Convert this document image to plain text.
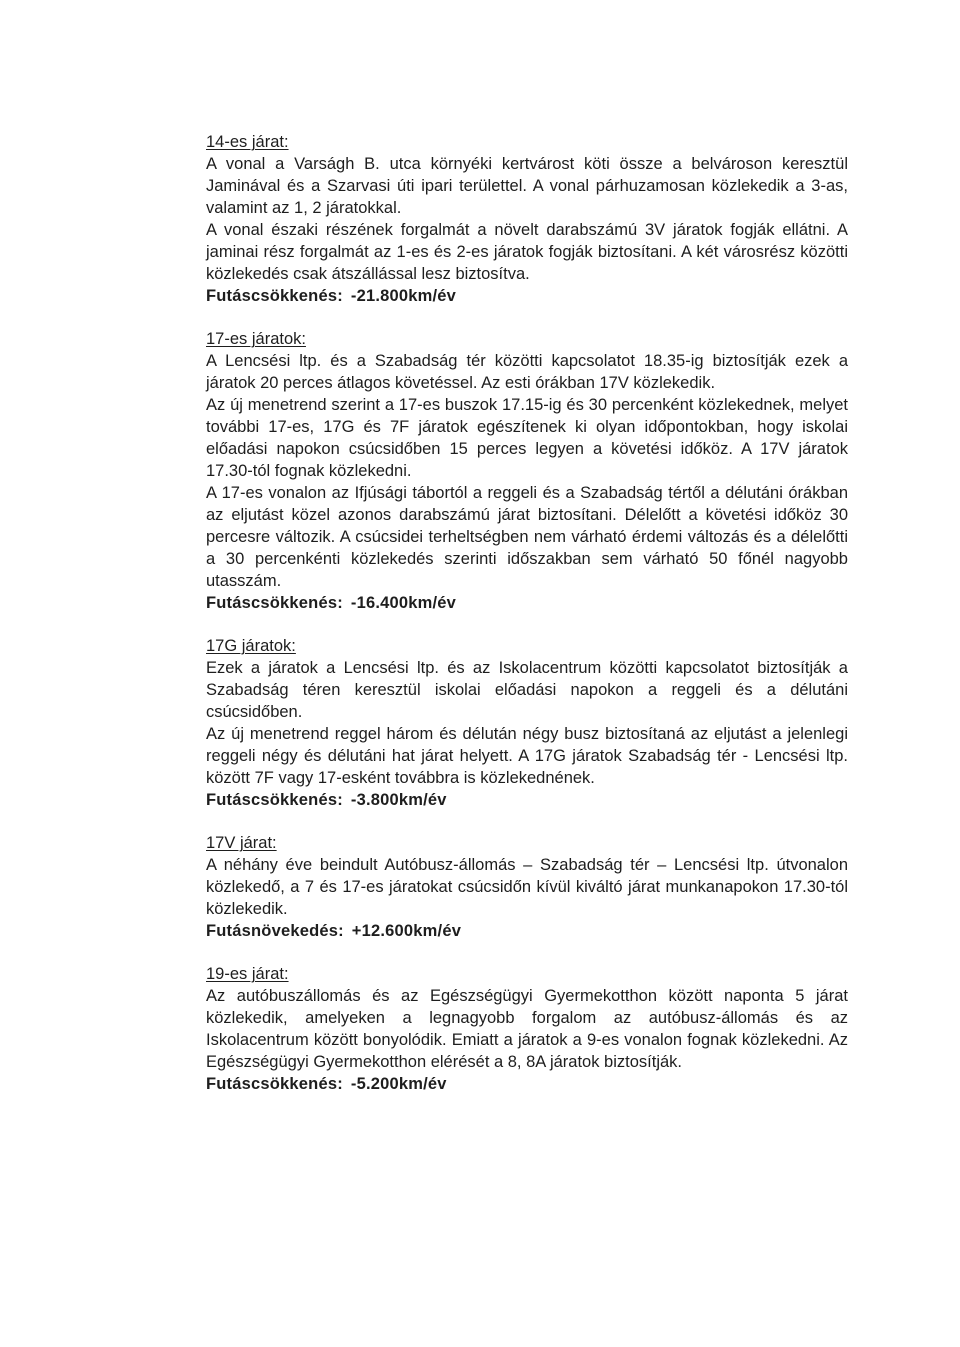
14-es járat:

A vonal a Varságh B. utca környéki kertvárost köti össze a belvároson keresztül Jaminával és a Szarvasi úti ipari területtel. A vonal párhuzamosan közlekedik a 3-as, valamint az 1, 2 járatokkal.

A vonal északi részének forgalmát a növelt darabszámú 3V járatok fogják ellátni. A jaminai rész forgalmát az 1-es és 2-es járatok fogják biztosítani. A két városrész közötti közlekedés csak átszállással lesz biztosítva.

Futáscsökkenés: -21.800km/év

17-es járatok:

A Lencsési ltp. és a Szabadság tér közötti kapcsolatot 18.35-ig biztosítják ezek a járatok 20 perces átlagos követéssel. Az esti órákban 17V közlekedik.

Az új menetrend szerint a 17-es buszok 17.15-ig és 30 percenként közlekednek, melyet további 17-es, 17G és 7F járatok egészítenek ki olyan időpontokban, hogy iskolai előadási napokon csúcsidőben 15 perces legyen a követési időköz. A 17V járatok 17.30-tól fognak közlekedni.

A 17-es vonalon az Ifjúsági tábortól a reggeli és a Szabadság tértől a délutáni órákban az eljutást közel azonos darabszámú járat biztosítani. Délelőtt a követési időköz 30 percesre változik. A csúcsidei terheltségben nem várható érdemi változás és a délelőtti a 30 percenkénti közlekedés szerinti időszakban sem várható 50 főnél nagyobb utasszám.

Futáscsökkenés: -16.400km/év

17G járatok:

Ezek a járatok a Lencsési ltp. és az Iskolacentrum közötti kapcsolatot biztosítják a Szabadság téren keresztül iskolai előadási napokon a reggeli és a délutáni csúcsidőben.

Az új menetrend reggel három és délután négy busz biztosítaná az eljutást a jelenlegi reggeli négy és délutáni hat járat helyett. A 17G járatok Szabadság tér - Lencsési ltp. között 7F vagy 17-esként továbbra is közlekednének.

Futáscsökkenés: -3.800km/év

17V járat:

A néhány éve beindult Autóbusz-állomás – Szabadság tér – Lencsési ltp. útvonalon közlekedő, a 7 és 17-es járatokat csúcsidőn kívül kiváltó járat munkanapokon 17.30-tól közlekedik.

Futásnövekedés: +12.600km/év

19-es járat:

Az autóbuszállomás és az Egészségügyi Gyermekotthon között naponta 5 járat közlekedik, amelyeken a legnagyobb forgalom az autóbusz-állomás és az Iskolacentrum között bonyolódik. Emiatt a járatok a 9-es vonalon fognak közlekedni. Az Egészségügyi Gyermekotthon elérését a 8, 8A járatok biztosítják.

Futáscsökkenés: -5.200km/év
